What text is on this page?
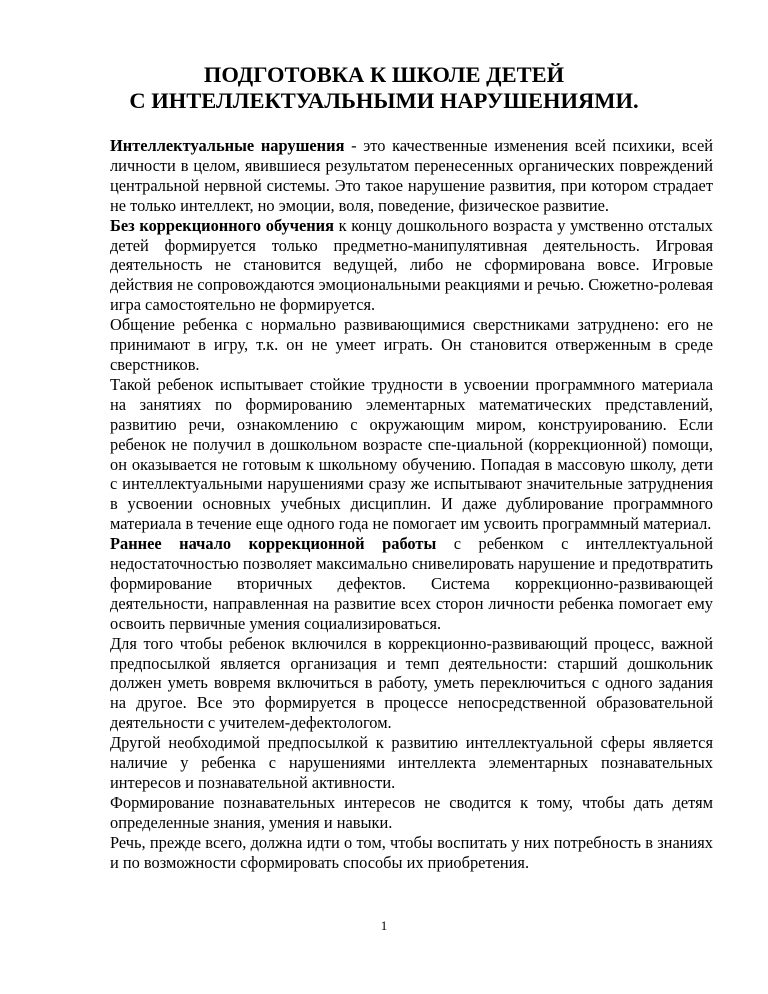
ПОДГОТОВКА К ШКОЛЕ ДЕТЕЙ
С ИНТЕЛЛЕКТУАЛЬНЫМИ НАРУШЕНИЯМИ.

Интеллектуальные нарушения - это качественные изменения всей психики, всей личности в целом, явившиеся результатом перенесенных органических повреждений центральной нервной системы. Это такое нарушение развития, при котором страдает не только интеллект, но эмоции, воля, поведение, физическое развитие.

Без коррекционного обучения к концу дошкольного возраста у умственно отсталых детей формируется только предметно-манипулятивная деятельность. Игровая деятельность не становится ведущей, либо не сформирована вовсе. Игровые действия не сопровождаются эмоциональными реакциями и речью. Сюжетно-ролевая игра самостоятельно не формируется.

Общение ребенка с нормально развивающимися сверстниками затруднено: его не принимают в игру, т.к. он не умеет играть. Он становится отверженным в среде сверстников.

Такой ребенок испытывает стойкие трудности в усвоении программного материала на занятиях по формированию элементарных математических представлений, развитию речи, ознакомлению с окружающим миром, конструированию. Если ребенок не получил в дошкольном возрасте спе-циальной (коррекционной) помощи, он оказывается не готовым к школьному обучению. Попадая в массовую школу, дети с интеллектуальными нарушениями сразу же испытывают значительные затруднения в усвоении основных учебных дисциплин. И даже дублирование программного материала в течение еще одного года не помогает им усвоить программный материал.

Раннее начало коррекционной работы с ребенком с интеллектуальной недостаточностью позволяет максимально снивелировать нарушение и предотвратить формирование вторичных дефектов. Система коррекционно-развивающей деятельности, направленная на развитие всех сторон личности ребенка помогает ему освоить первичные умения социализироваться.

Для того чтобы ребенок включился в коррекционно-развивающий процесс, важной предпосылкой является организация и темп деятельности: старший дошкольник должен уметь вовремя включиться в работу, уметь переключиться с одного задания на другое. Все это формируется в процессе непосредственной образовательной деятельности с учителем-дефектологом.

Другой необходимой предпосылкой к развитию интеллектуальной сферы является наличие у ребенка с нарушениями интеллекта элементарных познавательных интересов и познавательной активности.

Формирование познавательных интересов не сводится к тому, чтобы дать детям определенные знания, умения и навыки.

Речь, прежде всего, должна идти о том, чтобы воспитать у них потребность в знаниях и по возможности сформировать способы их приобретения.

1
